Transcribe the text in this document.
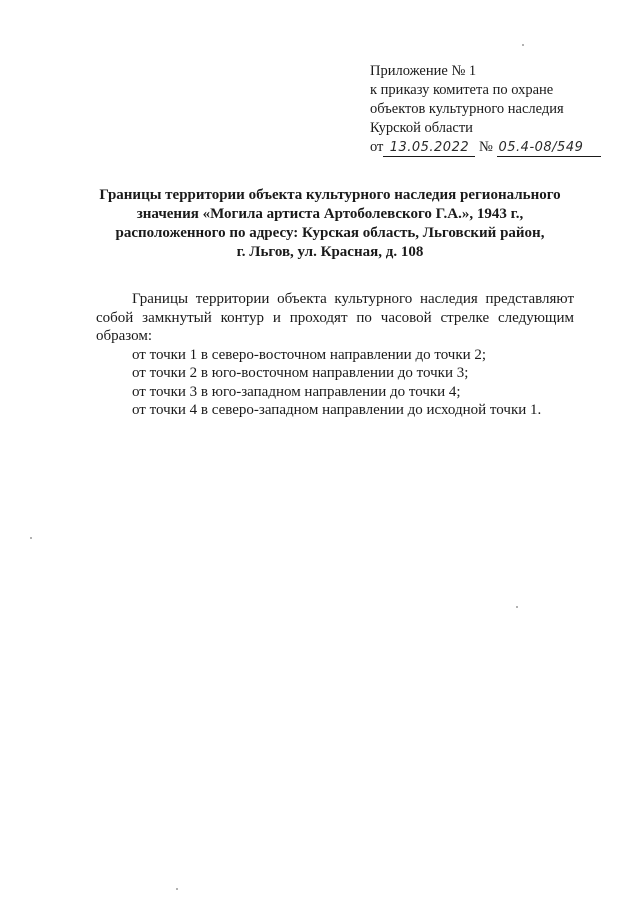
Приложение № 1
к приказу комитета по охране
объектов культурного наследия
Курской области
от 13.05.2022 № 05.4-08/549
Границы территории объекта культурного наследия регионального
значения «Могила артиста Артоболевского Г.А.», 1943 г.,
расположенного по адресу: Курская область, Льговский район,
г. Льгов, ул. Красная, д. 108

Границы территории объекта культурного наследия представляют собой замкнутый контур и проходят по часовой стрелке следующим образом:

от точки 1 в северо-восточном направлении до точки 2;
от точки 2 в юго-восточном направлении до точки 3;
от точки 3 в юго-западном направлении до точки 4;
от точки 4 в северо-западном направлении до исходной точки 1.
